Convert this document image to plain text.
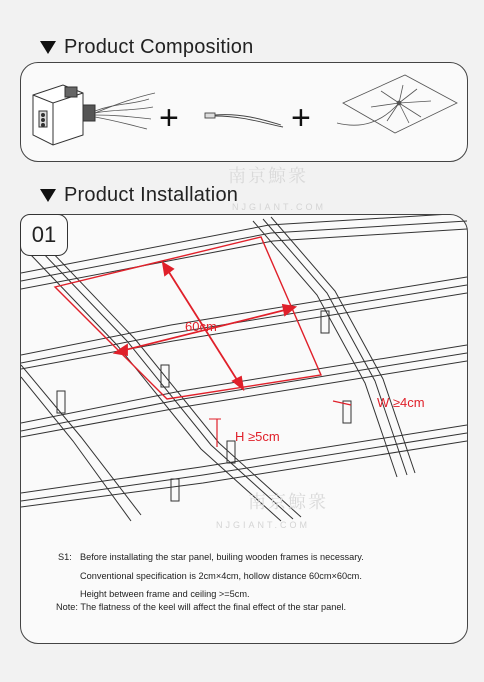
Product Composition
+	+
南京鯨衆
NJGIANT.COM
Product Installation
60cm
H ≥5cm
W ≥4cm
01
南京鯨衆
NJGIANT.COM
S1: Before installating the star panel, builing wooden frames is necessary.
Conventional specification is 2cm×4cm, hollow distance 60cm×60cm.
Height between frame and ceiling >=5cm.
Note: The flatness of the keel will affect the final effect of the star panel.
